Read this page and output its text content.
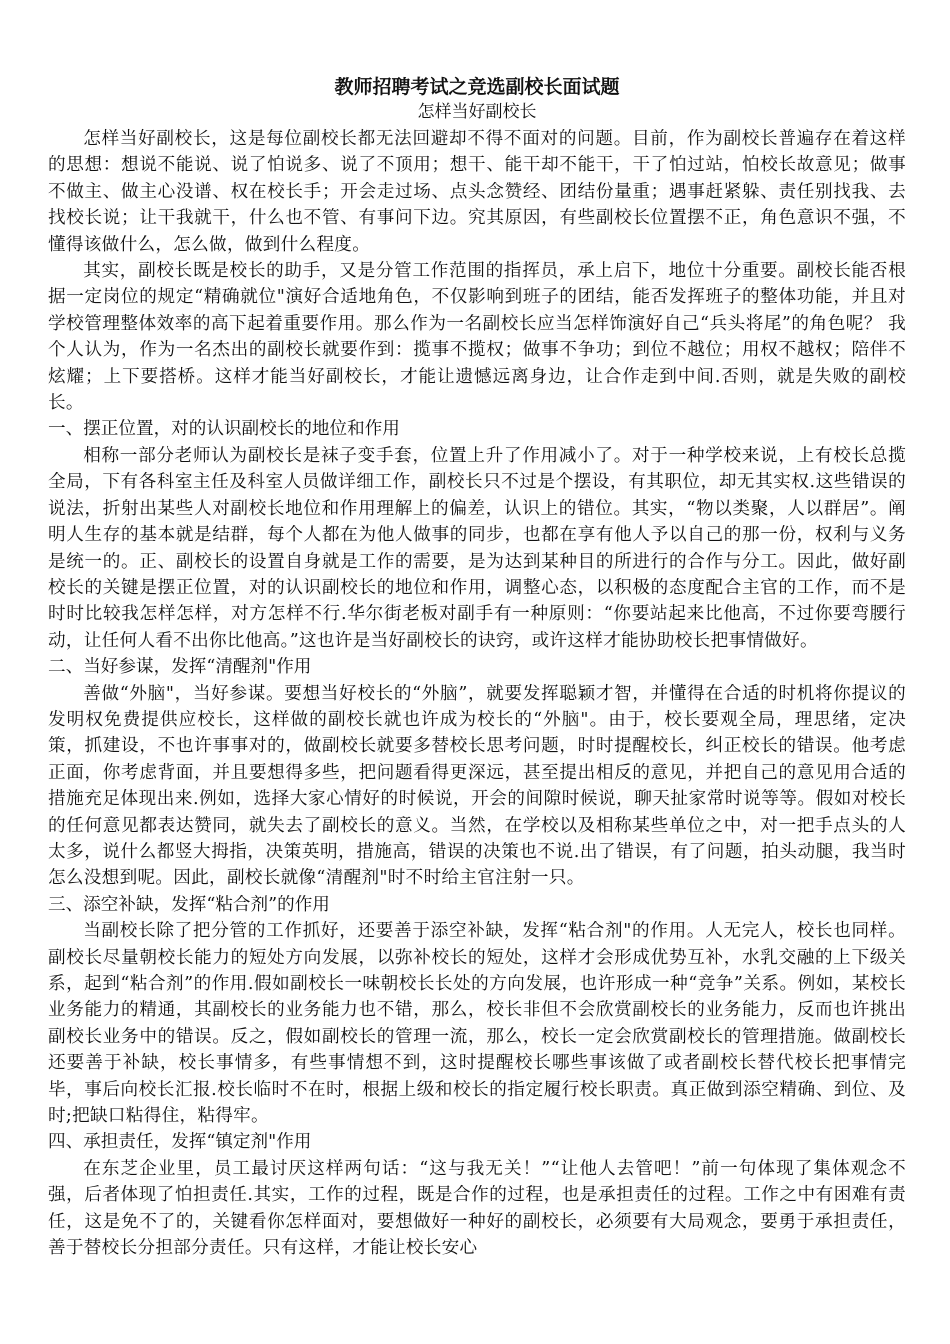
教师招聘考试之竞选副校长面试题
怎样当好副校长

怎样当好副校长，这是每位副校长都无法回避却不得不面对的问题。目前，作为副校长普遍存在着这样的思想：想说不能说、说了怕说多、说了不顶用；想干、能干却不能干，干了怕过站，怕校长故意见；做事不做主、做主心没谱、权在校长手；开会走过场、点头念赞经、团结份量重；遇事赶紧躲、责任别找我、去找校长说；让干我就干，什么也不管、有事问下边。究其原因，有些副校长位置摆不正，角色意识不强，不懂得该做什么，怎么做，做到什么程度。

其实，副校长既是校长的助手，又是分管工作范围的指挥员，承上启下，地位十分重要。副校长能否根据一定岗位的规定“精确就位"演好合适地角色，不仅影响到班子的团结，能否发挥班子的整体功能，并且对学校管理整体效率的高下起着重要作用。那么作为一名副校长应当怎样饰演好自己“兵头将尾”的角色呢？ 我个人认为，作为一名杰出的副校长就要作到：揽事不揽权；做事不争功；到位不越位；用权不越权；陪伴不炫耀；上下要搭桥。这样才能当好副校长，才能让遗憾远离身边，让合作走到中间.否则，就是失败的副校长。

一、摆正位置，对的认识副校长的地位和作用

相称一部分老师认为副校长是袜子变手套，位置上升了作用减小了。对于一种学校来说，上有校长总揽全局，下有各科室主任及科室人员做详细工作，副校长只不过是个摆设，有其职位，却无其实权.这些错误的说法，折射出某些人对副校长地位和作用理解上的偏差，认识上的错位。其实，“物以类聚，人以群居”。阐明人生存的基本就是结群，每个人都在为他人做事的同步，也都在享有他人予以自己的那一份，权利与义务是统一的。正、副校长的设置自身就是工作的需要，是为达到某种目的所进行的合作与分工。因此，做好副校长的关键是摆正位置，对的认识副校长的地位和作用，调整心态，以积极的态度配合主官的工作，而不是时时比较我怎样怎样，对方怎样不行.华尔街老板对副手有一种原则：“你要站起来比他高，不过你要弯腰行动，让任何人看不出你比他高。”这也许是当好副校长的诀窍，或许这样才能协助校长把事情做好。

二、当好参谋，发挥“清醒剂"作用

善做“外脑"，当好参谋。要想当好校长的“外脑”，就要发挥聪颖才智，并懂得在合适的时机将你提议的发明权免费提供应校长，这样做的副校长就也许成为校长的“外脑"。由于，校长要观全局，理思绪，定决策，抓建设，不也许事事对的，做副校长就要多替校长思考问题，时时提醒校长，纠正校长的错误。他考虑正面，你考虑背面，并且要想得多些，把问题看得更深远，甚至提出相反的意见，并把自己的意见用合适的措施充足体现出来.例如，选择大家心情好的时候说，开会的间隙时候说，聊天扯家常时说等等。假如对校长的任何意见都表达赞同，就失去了副校长的意义。当然，在学校以及相称某些单位之中，对一把手点头的人太多，说什么都竖大拇指，决策英明，措施高，错误的决策也不说.出了错误，有了问题，拍头动腿，我当时怎么没想到呢。因此，副校长就像“清醒剂"时不时给主官注射一只。

三、添空补缺，发挥“粘合剂”的作用

当副校长除了把分管的工作抓好，还要善于添空补缺，发挥“粘合剂"的作用。人无完人，校长也同样。副校长尽量朝校长能力的短处方向发展，以弥补校长的短处，这样才会形成优势互补，水乳交融的上下级关系，起到“粘合剂”的作用.假如副校长一味朝校长长处的方向发展，也许形成一种“竞争”关系。例如，某校长业务能力的精通，其副校长的业务能力也不错，那么，校长非但不会欣赏副校长的业务能力，反而也许挑出副校长业务中的错误。反之，假如副校长的管理一流，那么，校长一定会欣赏副校长的管理措施。做副校长还要善于补缺，校长事情多，有些事情想不到，这时提醒校长哪些事该做了或者副校长替代校长把事情完毕，事后向校长汇报.校长临时不在时，根据上级和校长的指定履行校长职责。真正做到添空精确、到位、及时;把缺口粘得住，粘得牢。

四、承担责任，发挥“镇定剂"作用

在东芝企业里，员工最讨厌这样两句话：“这与我无关！”“让他人去管吧！”前一句体现了集体观念不强，后者体现了怕担责任.其实，工作的过程，既是合作的过程，也是承担责任的过程。工作之中有困难有责任，这是免不了的，关键看你怎样面对，要想做好一种好的副校长，必须要有大局观念，要勇于承担责任，善于替校长分担部分责任。只有这样，才能让校长安心
